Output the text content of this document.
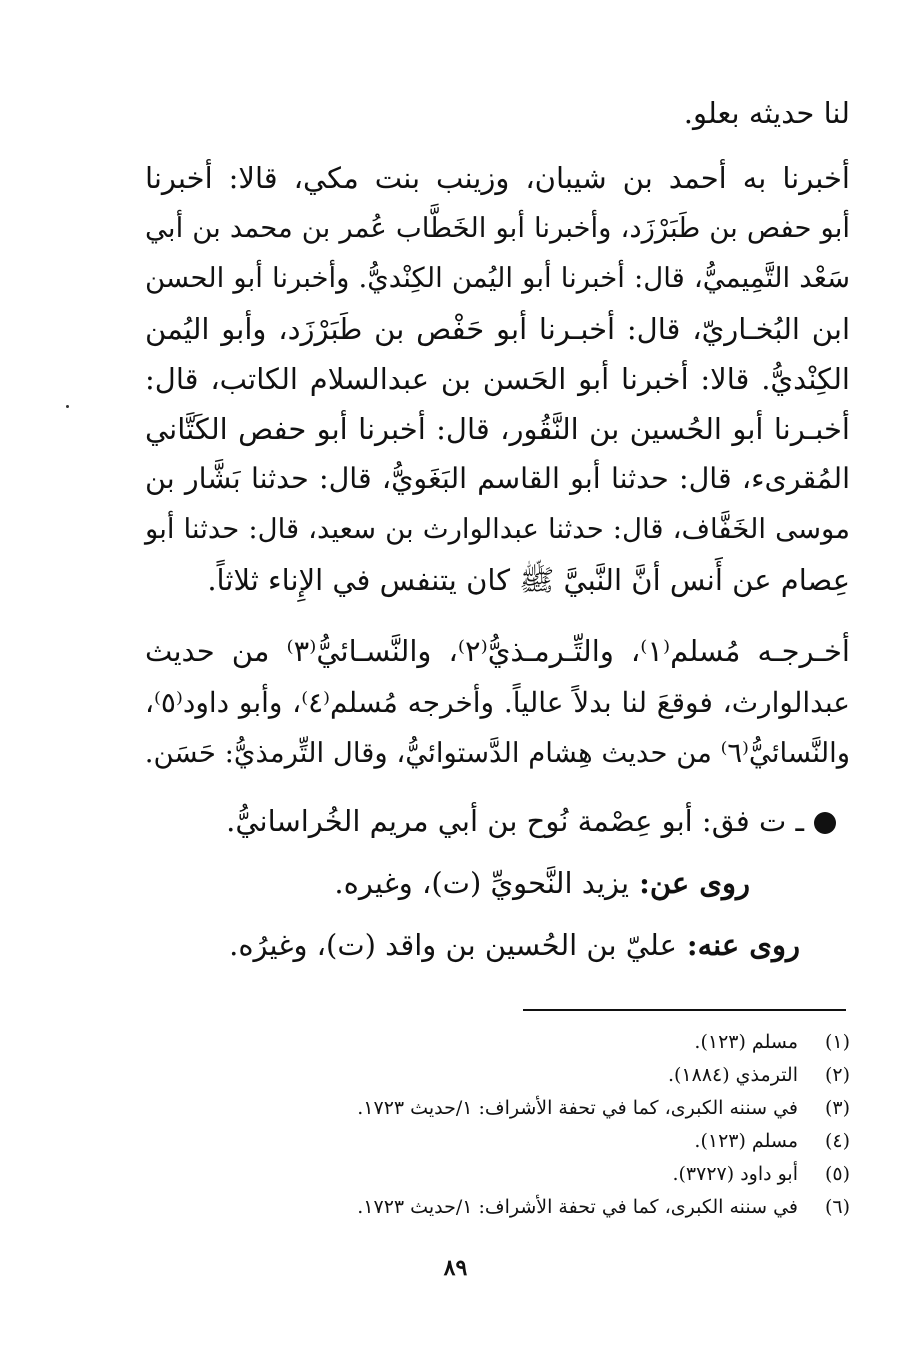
لنا حديثه بعلو.
أخبرنا به أحمد بن شيبان، وزينب بنت مكي، قالا: أخبرنا
أبو حفص بن طَبَرْزَد، وأخبرنا أبو الخَطَّاب عُمر بن محمد بن أبي
سَعْد التَّمِيميُّ، قال: أخبرنا أبو اليُمن الكِنْديُّ. وأخبرنا أبو الحسن
ابن البُخـاريّ، قال: أخبـرنا أبو حَفْص بن طَبَرْزَد، وأبو اليُمن
الكِنْديُّ. قالا: أخبرنا أبو الحَسن بن عبدالسلام الكاتب، قال:
أخبـرنا أبو الحُسين بن النَّقُور، قال: أخبرنا أبو حفص الكَتَّاني
المُقرىء، قال: حدثنا أبو القاسم البَغَويُّ، قال: حدثنا بَشَّار بن
موسى الخَفَّاف، قال: حدثنا عبدالوارث بن سعيد، قال: حدثنا أبو
عِصام عن أَنس أنَّ النَّبيَّ ﷺ كان يتنفس في الإِناء ثلاثاً.
أخـرجـه مُسلم⁽١⁾، والتِّـرمـذيُّ⁽٢⁾، والنَّسـائيُّ⁽٣⁾ من حديث
عبدالوارث، فوقعَ لنا بدلاً عالياً. وأخرجه مُسلم⁽٤⁾، وأبو داود⁽٥⁾،
والنَّسائيُّ⁽٦⁾ من حديث هِشام الدَّستوائيُّ، وقال التِّرمذيُّ: حَسَن.
ـ ت فق: أبو عِصْمة نُوح بن أبي مريم الخُراسانيُّ.
روى عن:يزيد النَّحويِّ (ت)، وغيره.
روى عنه:عليّ بن الحُسين بن واقد (ت)، وغيرُه.
(١)مسلم (١٢٣).
(٢)الترمذي (١٨٨٤).
(٣)في سننه الكبرى، كما في تحفة الأشراف: ١/حديث ١٧٢٣.
(٤)مسلم (١٢٣).
(٥)أبو داود (٣٧٢٧).
(٦)في سننه الكبرى، كما في تحفة الأشراف: ١/حديث ١٧٢٣.
٨٩
